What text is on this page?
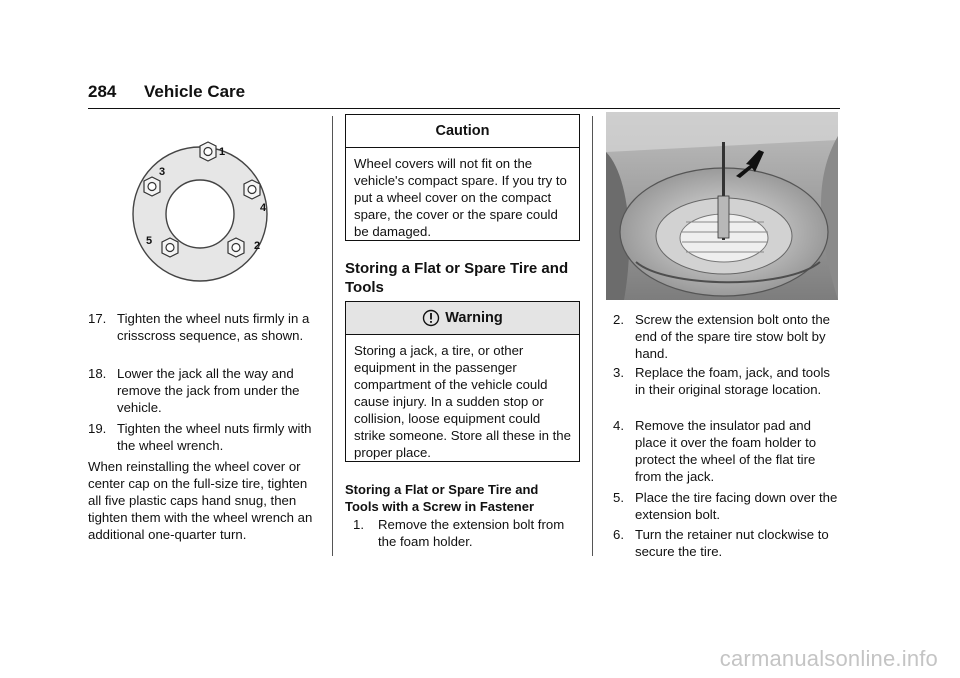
284 Vehicle Care
1
2
3
4
5
17. Tighten the wheel nuts firmly in a crisscross sequence, as shown.
18. Lower the jack all the way and remove the jack from under the vehicle.
19. Tighten the wheel nuts firmly with the wheel wrench.
When reinstalling the wheel cover or center cap on the full-size tire, tighten all five plastic caps hand snug, then tighten them with the wheel wrench an additional one-quarter turn.
Caution
Wheel covers will not fit on the vehicle's compact spare. If you try to put a wheel cover on the compact spare, the cover or the spare could be damaged.
Storing a Flat or Spare Tire and Tools
Warning
Storing a jack, a tire, or other equipment in the passenger compartment of the vehicle could cause injury. In a sudden stop or collision, loose equipment could strike someone. Store all these in the proper place.
Storing a Flat or Spare Tire and Tools with a Screw in Fastener
1. Remove the extension bolt from the foam holder.
2. Screw the extension bolt onto the end of the spare tire stow bolt by hand.
3. Replace the foam, jack, and tools in their original storage location.
4. Remove the insulator pad and place it over the foam holder to protect the wheel of the flat tire from the jack.
5. Place the tire facing down over the extension bolt.
6. Turn the retainer nut clockwise to secure the tire.
carmanualsonline.info
